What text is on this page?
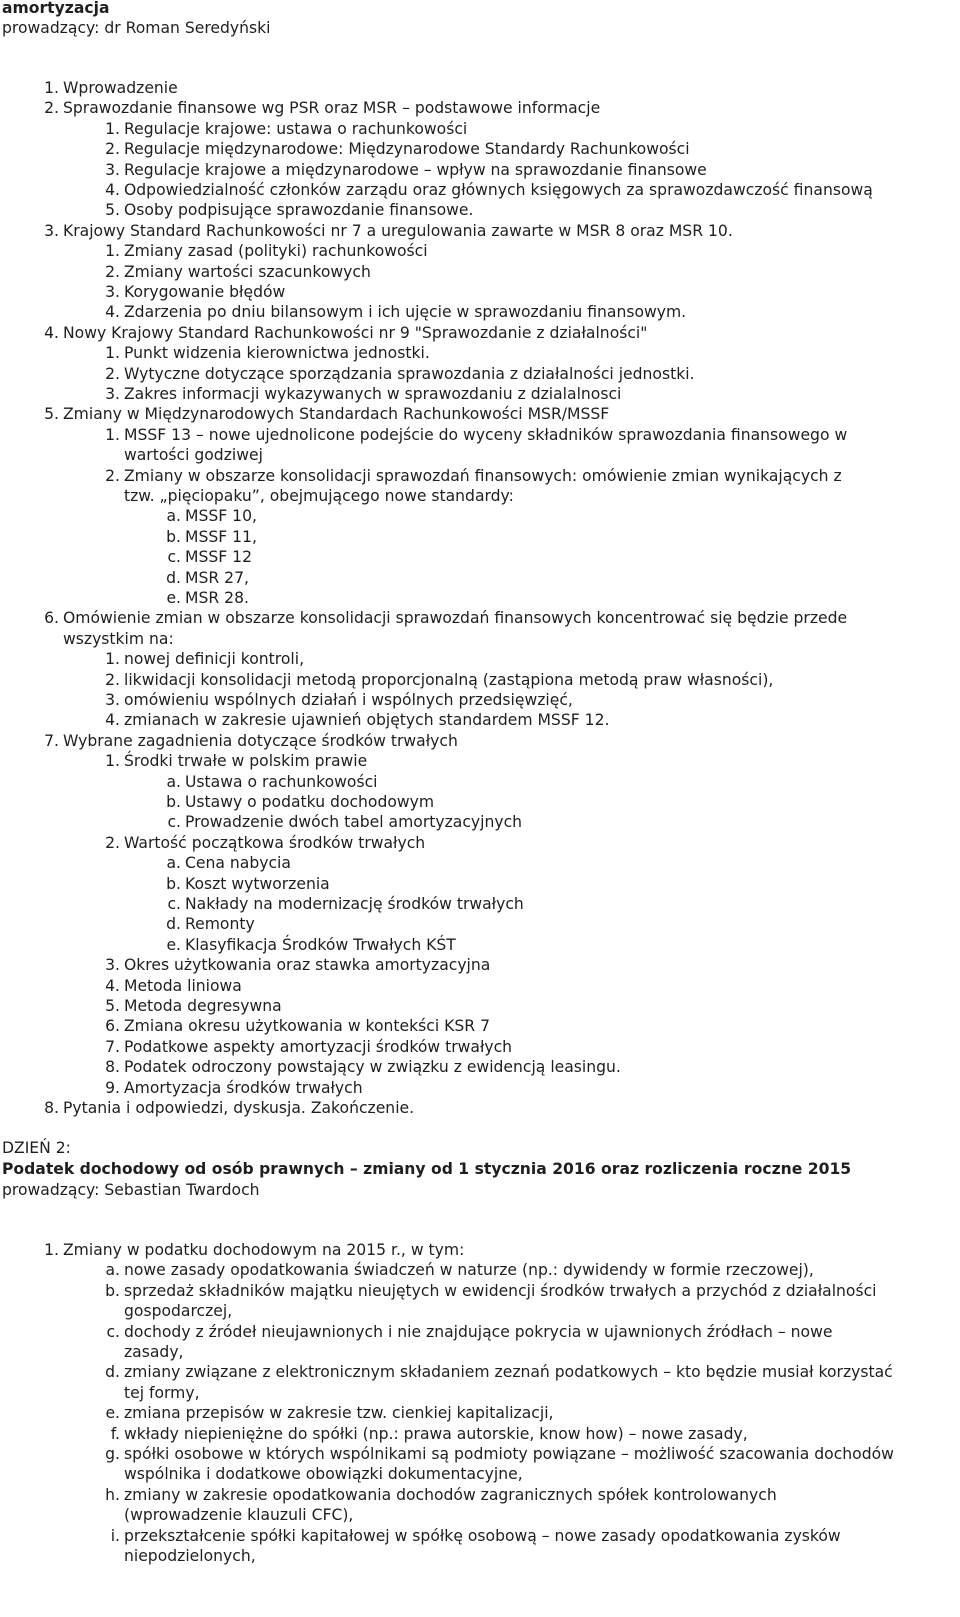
amortyzacja
prowadzący: dr Roman Seredyński
1. Wprowadzenie
2. Sprawozdanie finansowe wg PSR oraz MSR – podstawowe informacje
1. Regulacje krajowe: ustawa o rachunkowości
2. Regulacje międzynarodowe: Międzynarodowe Standardy Rachunkowości
3. Regulacje krajowe a międzynarodowe – wpływ na sprawozdanie finansowe
4. Odpowiedzialność członków zarządu oraz głównych księgowych za sprawozdawczość finansową
5. Osoby podpisujące sprawozdanie finansowe.
3. Krajowy Standard Rachunkowości nr 7 a uregulowania zawarte w MSR 8 oraz MSR 10.
1. Zmiany zasad (polityki) rachunkowości
2. Zmiany wartości szacunkowych
3. Korygowanie błędów
4. Zdarzenia po dniu bilansowym i ich ujęcie w sprawozdaniu finansowym.
4. Nowy Krajowy Standard Rachunkowości nr 9 "Sprawozdanie z działalności"
1. Punkt widzenia kierownictwa jednostki.
2. Wytyczne dotyczące sporządzania sprawozdania z działalności jednostki.
3. Zakres informacji wykazywanych w sprawozdaniu z dzialalnosci
5. Zmiany w Międzynarodowych Standardach Rachunkowości MSR/MSSF
1. MSSF 13 – nowe ujednolicone podejście do wyceny składników sprawozdania finansowego w
wartości godziwej
2. Zmiany w obszarze konsolidacji sprawozdań finansowych: omówienie zmian wynikających z
tzw. „pięciopaku”, obejmującego nowe standardy:
a. MSSF 10,
b. MSSF 11,
c. MSSF 12
d. MSR 27,
e. MSR 28.
6. Omówienie zmian w obszarze konsolidacji sprawozdań finansowych koncentrować się będzie przede
wszystkim na:
1. nowej definicji kontroli,
2. likwidacji konsolidacji metodą proporcjonalną (zastąpiona metodą praw własności),
3. omówieniu wspólnych działań i wspólnych przedsięwzięć,
4. zmianach w zakresie ujawnień objętych standardem MSSF 12.
7. Wybrane zagadnienia dotyczące środków trwałych
1. Środki trwałe w polskim prawie
a. Ustawa o rachunkowości
b. Ustawy o podatku dochodowym
c. Prowadzenie dwóch tabel amortyzacyjnych
2. Wartość początkowa środków trwałych
a. Cena nabycia
b. Koszt wytworzenia
c. Nakłady na modernizację środków trwałych
d. Remonty
e. Klasyfikacja Środków Trwałych KŚT
3. Okres użytkowania oraz stawka amortyzacyjna
4. Metoda liniowa
5. Metoda degresywna
6. Zmiana okresu użytkowania w kontekści KSR 7
7. Podatkowe aspekty amortyzacji środków trwałych
8. Podatek odroczony powstający w związku z ewidencją leasingu.
9. Amortyzacja środków trwałych
8. Pytania i odpowiedzi, dyskusja. Zakończenie.
DZIEŃ 2:
Podatek dochodowy od osób prawnych – zmiany od 1 stycznia 2016 oraz rozliczenia roczne 2015
prowadzący: Sebastian Twardoch
1. Zmiany w podatku dochodowym na 2015 r., w tym:
a. nowe zasady opodatkowania świadczeń w naturze (np.: dywidendy w formie rzeczowej),
b. sprzedaż składników majątku nieujętych w ewidencji środków trwałych a przychód z działalności
gospodarczej,
c. dochody z źródeł nieujawnionych i nie znajdujące pokrycia w ujawnionych źródłach – nowe
zasady,
d. zmiany związane z elektronicznym składaniem zeznań podatkowych – kto będzie musiał korzystać
tej formy,
e. zmiana przepisów w zakresie tzw. cienkiej kapitalizacji,
f. wkłady niepieniężne do spółki (np.: prawa autorskie, know how) – nowe zasady,
g. spółki osobowe w których wspólnikami są podmioty powiązane – możliwość szacowania dochodów
wspólnika i dodatkowe obowiązki dokumentacyjne,
h. zmiany w zakresie opodatkowania dochodów zagranicznych spółek kontrolowanych
(wprowadzenie klauzuli CFC),
i. przekształcenie spółki kapitałowej w spółkę osobową – nowe zasady opodatkowania zysków
niepodzielonych,
